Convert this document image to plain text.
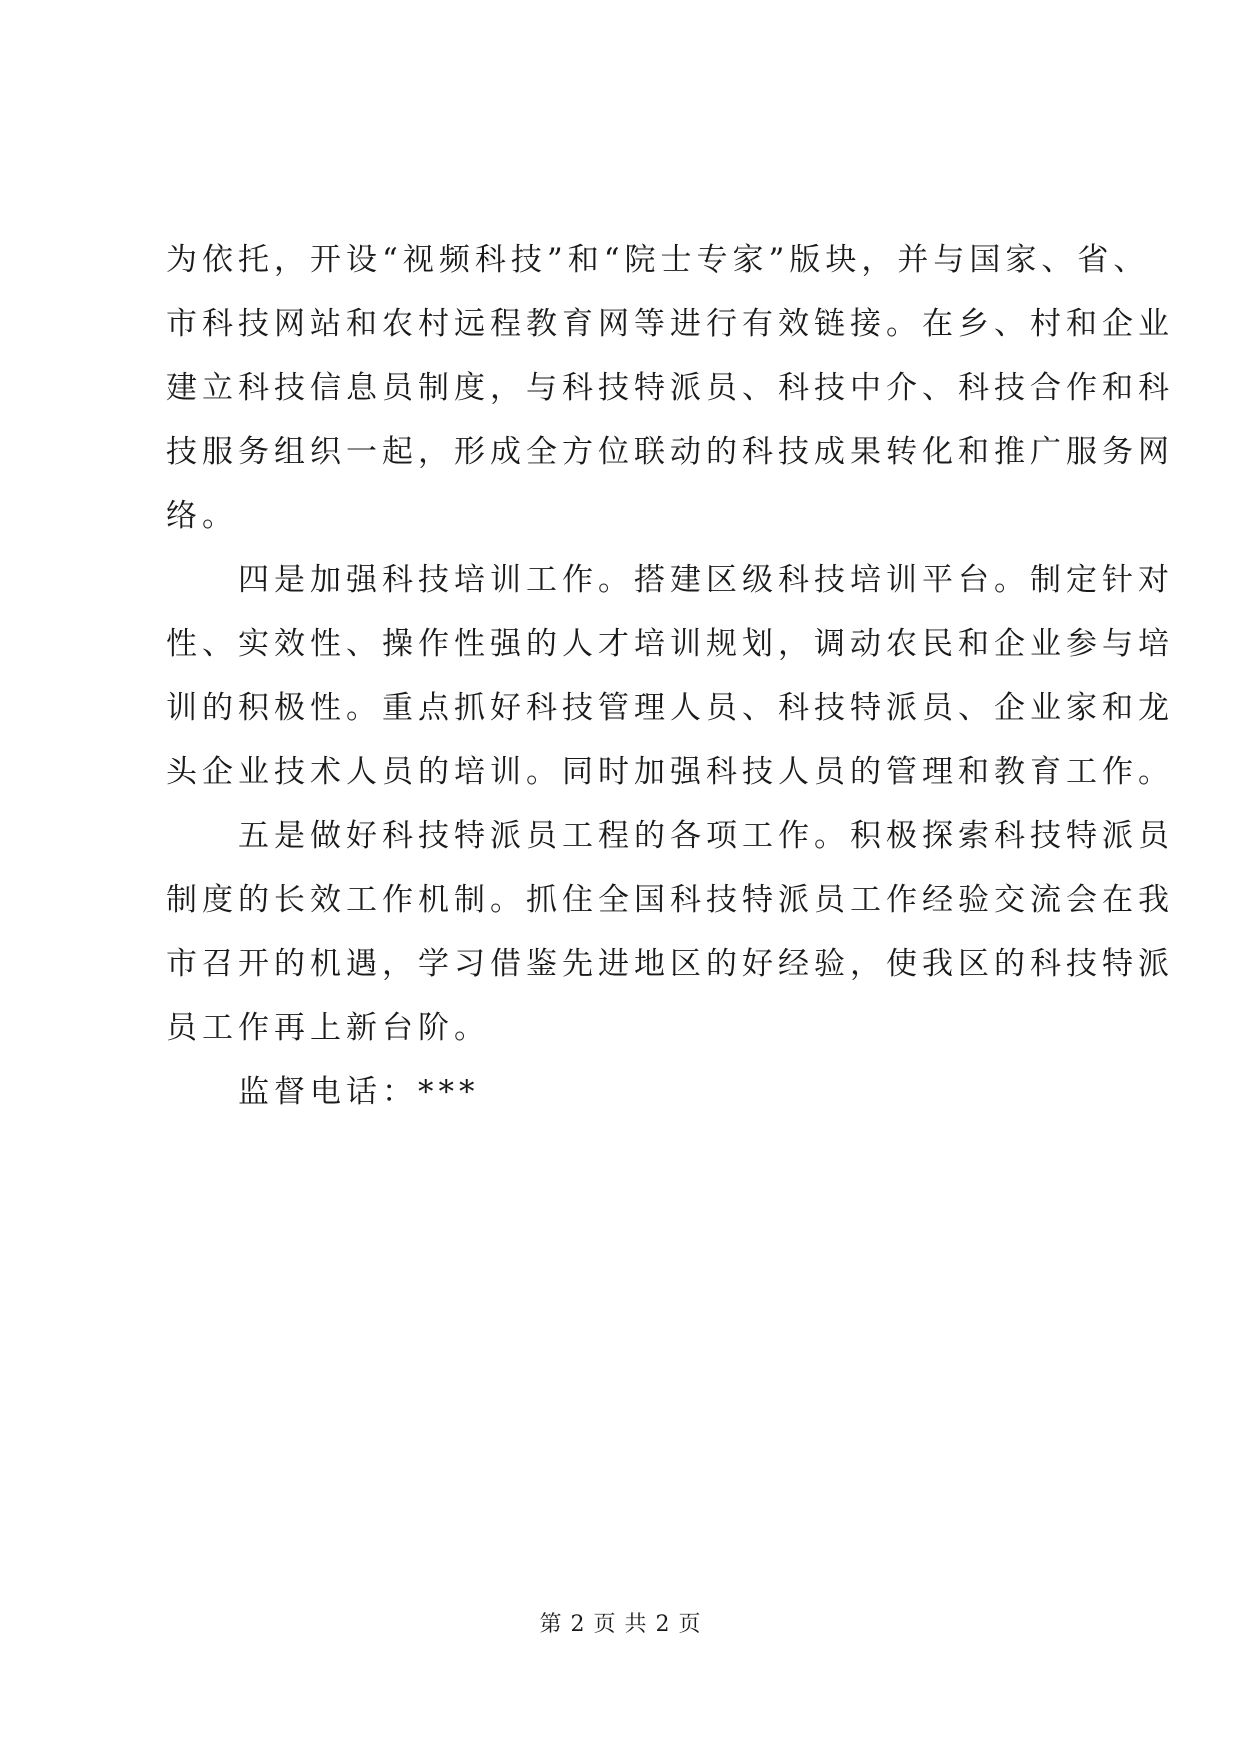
为依托，开设“视频科技”和“院士专家”版块，并与国家、省、
市科技网站和农村远程教育网等进行有效链接。在乡、村和企业
建立科技信息员制度，与科技特派员、科技中介、科技合作和科
技服务组织一起，形成全方位联动的科技成果转化和推广服务网
络。
　　四是加强科技培训工作。搭建区级科技培训平台。制定针对
性、实效性、操作性强的人才培训规划，调动农民和企业参与培
训的积极性。重点抓好科技管理人员、科技特派员、企业家和龙
头企业技术人员的培训。同时加强科技人员的管理和教育工作。
　　五是做好科技特派员工程的各项工作。积极探索科技特派员
制度的长效工作机制。抓住全国科技特派员工作经验交流会在我
市召开的机遇，学习借鉴先进地区的好经验，使我区的科技特派
员工作再上新台阶。
　　监督电话：***
第 2 页 共 2 页
